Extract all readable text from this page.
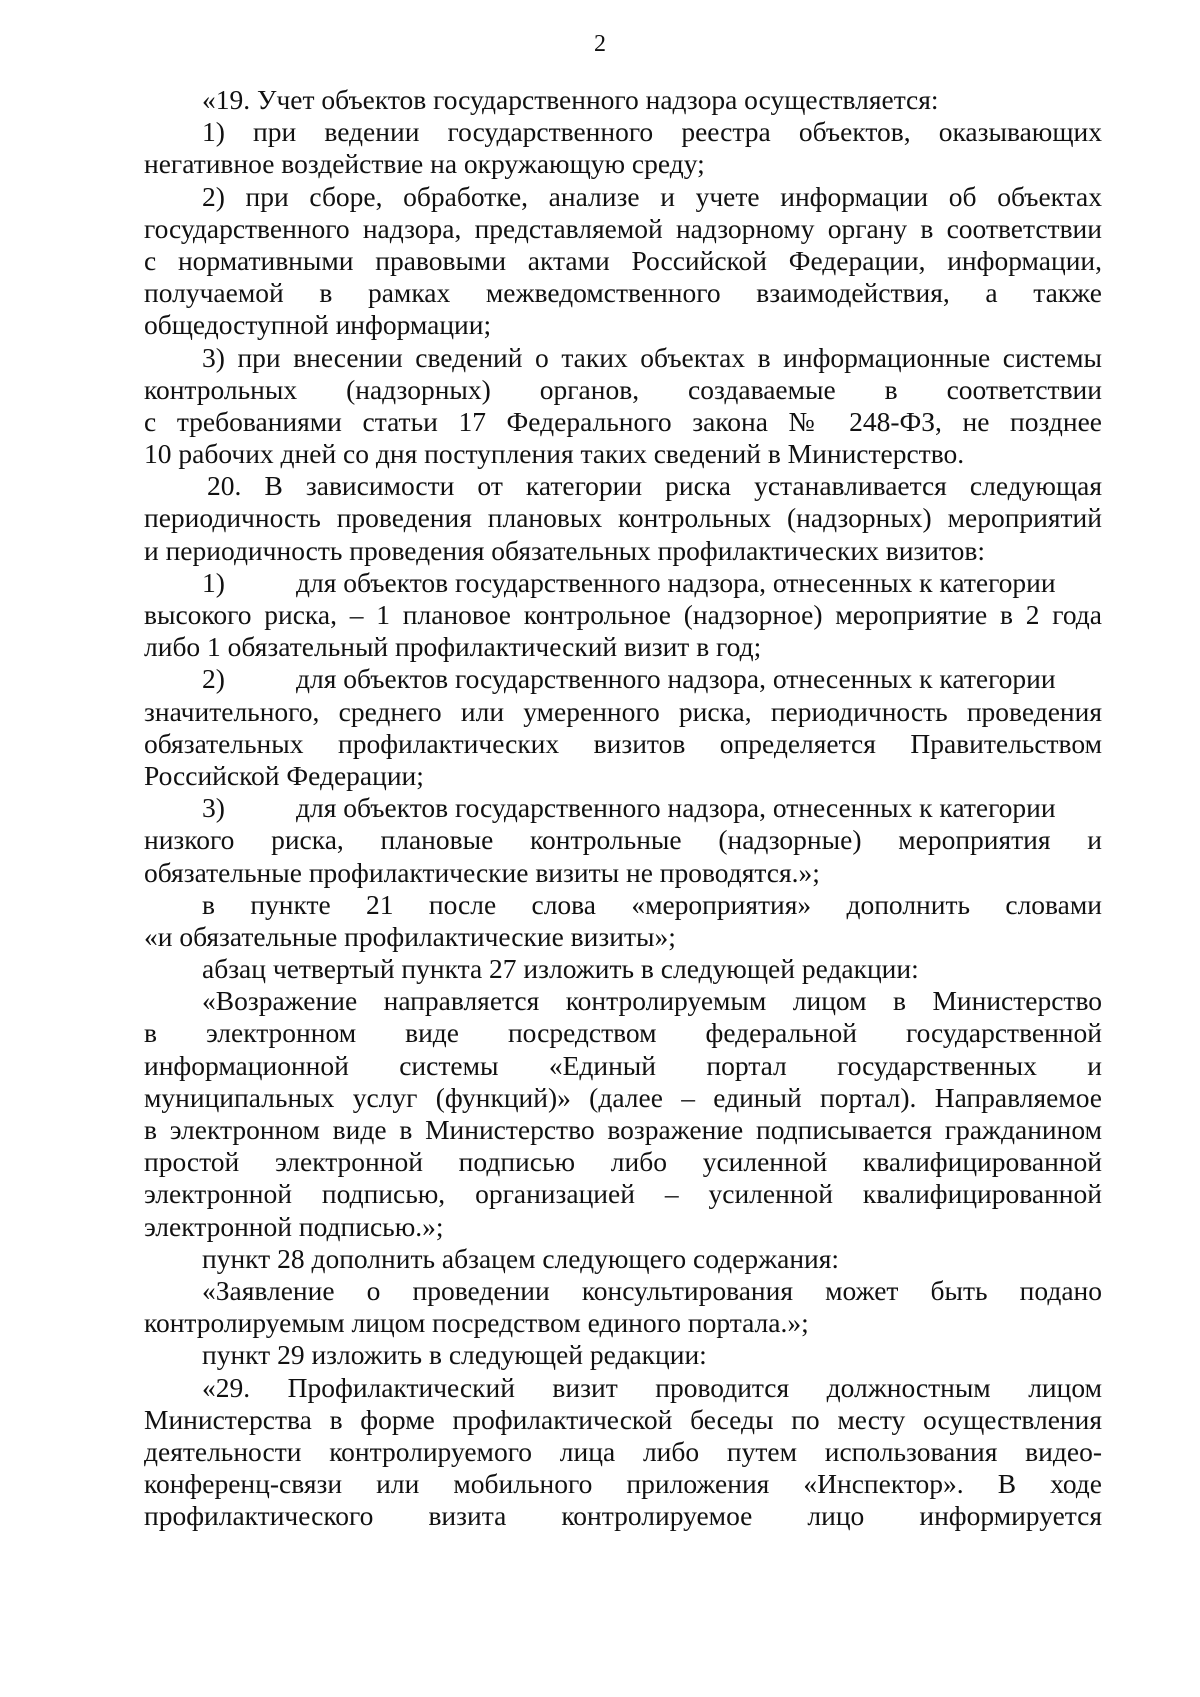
2
«19. Учет объектов государственного надзора осуществляется:
1) при ведении государственного реестра объектов, оказывающих
негативное воздействие на окружающую среду;
2) при сборе, обработке, анализе и учете информации об объектах
государственного надзора, представляемой надзорному органу в соответствии
с нормативными правовыми актами Российской Федерации, информации,
получаемой в рамках межведомственного взаимодействия, а также
общедоступной информации;
3) при внесении сведений о таких объектах в информационные системы
контрольных (надзорных) органов, создаваемые в соответствии
с требованиями статьи 17 Федерального закона № 248-ФЗ, не позднее
10 рабочих дней со дня поступления таких сведений в Министерство.
20. В зависимости от категории риска устанавливается следующая
периодичность проведения плановых контрольных (надзорных) мероприятий
и периодичность проведения обязательных профилактических визитов:
1)	для объектов государственного надзора, отнесенных к категории
высокого риска, – 1 плановое контрольное (надзорное) мероприятие в 2 года
либо 1 обязательный профилактический визит в год;
2)	для объектов государственного надзора, отнесенных к категории
значительного, среднего или умеренного риска, периодичность проведения
обязательных профилактических визитов определяется Правительством
Российской Федерации;
3)	для объектов государственного надзора, отнесенных к категории
низкого риска, плановые контрольные (надзорные) мероприятия и
обязательные профилактические визиты не проводятся.»;
в пункте 21 после слова «мероприятия» дополнить словами
«и обязательные профилактические визиты»;
абзац четвертый пункта 27 изложить в следующей редакции:
«Возражение направляется контролируемым лицом в Министерство
в электронном виде посредством федеральной государственной
информационной системы «Единый портал государственных и
муниципальных услуг (функций)» (далее – единый портал). Направляемое
в электронном виде в Министерство возражение подписывается гражданином
простой электронной подписью либо усиленной квалифицированной
электронной подписью, организацией – усиленной квалифицированной
электронной подписью.»;
пункт 28 дополнить абзацем следующего содержания:
«Заявление о проведении консультирования может быть подано
контролируемым лицом посредством единого портала.»;
пункт 29 изложить в следующей редакции:
«29. Профилактический визит проводится должностным лицом
Министерства в форме профилактической беседы по месту осуществления
деятельности контролируемого лица либо путем использования видео-
конференц-связи или мобильного приложения «Инспектор». В ходе
профилактического визита контролируемое лицо информируется
